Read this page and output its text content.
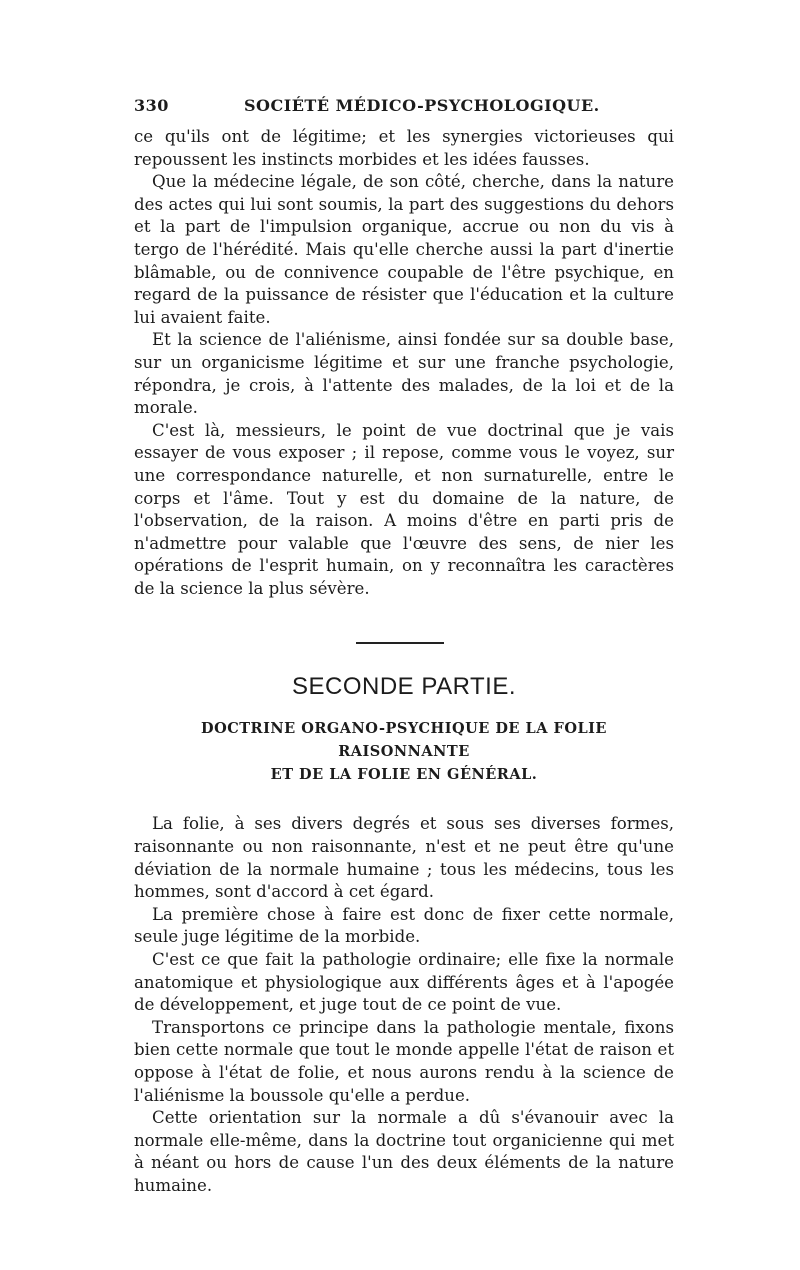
330	SOCIÉTÉ MÉDICO-PSYCHOLOGIQUE.

ce qu'ils ont de légitime; et les synergies victorieuses qui repoussent les instincts morbides et les idées fausses.

Que la médecine légale, de son côté, cherche, dans la nature des actes qui lui sont soumis, la part des suggestions du dehors et la part de l'impulsion organique, accrue ou non du vis à tergo de l'hérédité. Mais qu'elle cherche aussi la part d'inertie blâmable, ou de connivence coupable de l'être psychique, en regard de la puissance de résister que l'éducation et la culture lui avaient faite.

Et la science de l'aliénisme, ainsi fondée sur sa double base, sur un organicisme légitime et sur une franche psychologie, répondra, je crois, à l'attente des malades, de la loi et de la morale.

C'est là, messieurs, le point de vue doctrinal que je vais essayer de vous exposer ; il repose, comme vous le voyez, sur une correspondance naturelle, et non surnaturelle, entre le corps et l'âme. Tout y est du domaine de la nature, de l'observation, de la raison. A moins d'être en parti pris de n'admettre pour valable que l'œuvre des sens, de nier les opérations de l'esprit humain, on y reconnaîtra les caractères de la science la plus sévère.

SECONDE PARTIE.
DOCTRINE ORGANO-PSYCHIQUE DE LA FOLIE RAISONNANTE
ET DE LA FOLIE EN GÉNÉRAL.

La folie, à ses divers degrés et sous ses diverses formes, raisonnante ou non raisonnante, n'est et ne peut être qu'une déviation de la normale humaine ; tous les médecins, tous les hommes, sont d'accord à cet égard.

La première chose à faire est donc de fixer cette normale, seule juge légitime de la morbide.

C'est ce que fait la pathologie ordinaire; elle fixe la normale anatomique et physiologique aux différents âges et à l'apogée de développement, et juge tout de ce point de vue.

Transportons ce principe dans la pathologie mentale, fixons bien cette normale que tout le monde appelle l'état de raison et oppose à l'état de folie, et nous aurons rendu à la science de l'aliénisme la boussole qu'elle a perdue.

Cette orientation sur la normale a dû s'évanouir avec la normale elle-même, dans la doctrine tout organicienne qui met à néant ou hors de cause l'un des deux éléments de la nature humaine.
